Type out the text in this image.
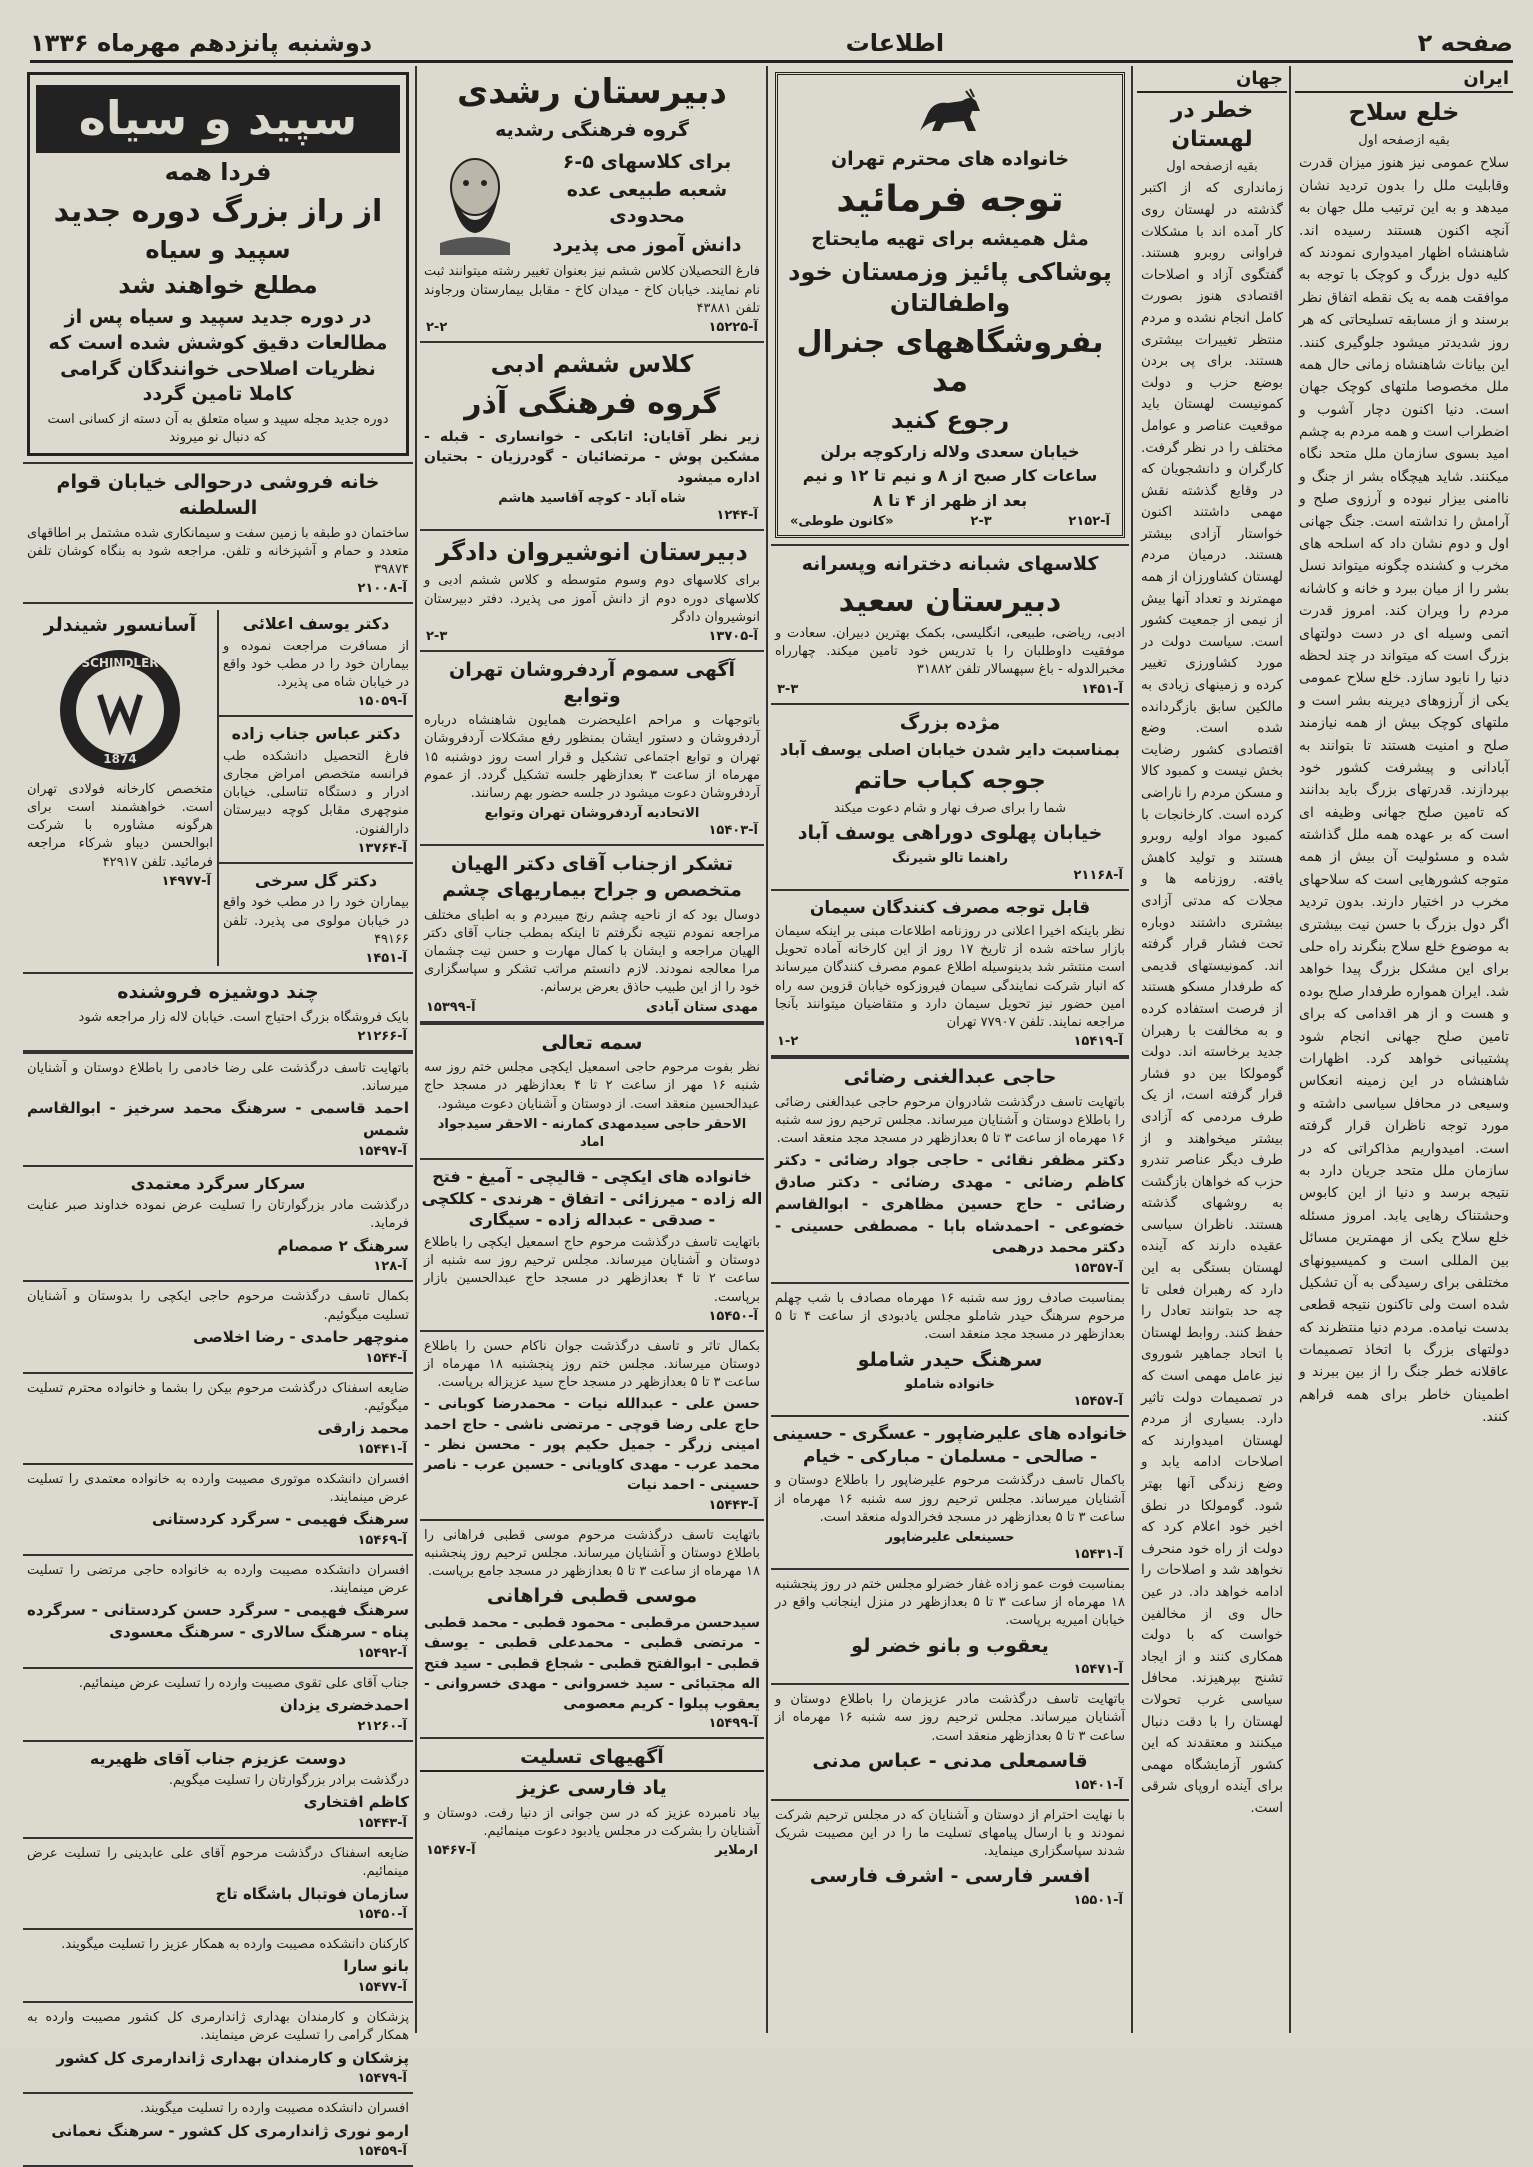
صفحه ۲
اطلاعات
دوشنبه پانزدهم مهرماه ۱۳۳۶
ایران
خلع سلاح
بقیه ازصفحه اول
سلاح عمومی نیز هنوز میزان قدرت وقابلیت ملل را بدون تردید نشان میدهد و به این ترتیب ملل جهان به آنچه اکنون هستند رسیده اند. شاهنشاه اظهار امیدواری نمودند که کلیه دول بزرگ و کوچک با توجه به موافقت همه به یک نقطه اتفاق نظر برسند و از مسابقه تسلیحاتی که هر روز شدیدتر میشود جلوگیری کنند. این بیانات شاهنشاه زمانی حال همه ملل مخصوصا ملتهای کوچک جهان است. دنیا اکنون دچار آشوب و اضطراب است و همه مردم به چشم امید بسوی سازمان ملل متحد نگاه میکنند. شاید هیچگاه بشر از جنگ و ناامنی بیزار نبوده و آرزوی صلح و آرامش را نداشته است. جنگ جهانی اول و دوم نشان داد که اسلحه های مخرب و کشنده چگونه میتواند نسل بشر را از میان ببرد و خانه و کاشانه مردم را ویران کند. امروز قدرت اتمی وسیله ای در دست دولتهای بزرگ است که میتواند در چند لحظه دنیا را نابود سازد. خلع سلاح عمومی یکی از آرزوهای دیرینه بشر است و ملتهای کوچک بیش از همه نیازمند صلح و امنیت هستند تا بتوانند به آبادانی و پیشرفت کشور خود بپردازند. قدرتهای بزرگ باید بدانند که تامین صلح جهانی وظیفه ای است که بر عهده همه ملل گذاشته شده و مسئولیت آن بیش از همه متوجه کشورهایی است که سلاحهای مخرب در اختیار دارند. بدون تردید اگر دول بزرگ با حسن نیت بیشتری به موضوع خلع سلاح بنگرند راه حلی برای این مشکل بزرگ پیدا خواهد شد. ایران همواره طرفدار صلح بوده و هست و از هر اقدامی که برای تامین صلح جهانی انجام شود پشتیبانی خواهد کرد. اظهارات شاهنشاه در این زمینه انعکاس وسیعی در محافل سیاسی داشته و مورد توجه ناظران قرار گرفته است. امیدواریم مذاکراتی که در سازمان ملل متحد جریان دارد به نتیجه برسد و دنیا از این کابوس وحشتناک رهایی یابد. امروز مسئله خلع سلاح یکی از مهمترین مسائل بین المللی است و کمیسیونهای مختلفی برای رسیدگی به آن تشکیل شده است ولی تاکنون نتیجه قطعی بدست نیامده. مردم دنیا منتظرند که دولتهای بزرگ با اتخاذ تصمیمات عاقلانه خطر جنگ را از بین ببرند و اطمینان خاطر برای همه فراهم کنند.
جهان
خطر در لهستان
بقیه ازصفحه اول
زمانداری که از اکتبر گذشته در لهستان روی کار آمده اند با مشکلات فراوانی روبرو هستند. گفتگوی آزاد و اصلاحات اقتصادی هنوز بصورت کامل انجام نشده و مردم منتظر تغییرات بیشتری هستند. برای پی بردن بوضع حزب و دولت کمونیست لهستان باید موقعیت عناصر و عوامل مختلف را در نظر گرفت. کارگران و دانشجویان که در وقایع گذشته نقش مهمی داشتند اکنون خواستار آزادی بیشتر هستند. درمیان مردم لهستان کشاورزان از همه مهمترند و تعداد آنها بیش از نیمی از جمعیت کشور است. سیاست دولت در مورد کشاورزی تغییر کرده و زمینهای زیادی به مالکین سابق بازگردانده شده است. وضع اقتصادی کشور رضایت بخش نیست و کمبود کالا و مسکن مردم را ناراضی کرده است. کارخانجات با کمبود مواد اولیه روبرو هستند و تولید کاهش یافته. روزنامه ها و مجلات که مدتی آزادی بیشتری داشتند دوباره تحت فشار قرار گرفته اند. کمونیستهای قدیمی که طرفدار مسکو هستند از فرصت استفاده کرده و به مخالفت با رهبران جدید برخاسته اند. دولت گومولکا بین دو فشار قرار گرفته است، از یک طرف مردمی که آزادی بیشتر میخواهند و از طرف دیگر عناصر تندرو حزب که خواهان بازگشت به روشهای گذشته هستند. ناظران سیاسی عقیده دارند که آینده لهستان بستگی به این دارد که رهبران فعلی تا چه حد بتوانند تعادل را حفظ کنند. روابط لهستان با اتحاد جماهیر شوروی نیز عامل مهمی است که در تصمیمات دولت تاثیر دارد. بسیاری از مردم لهستان امیدوارند که اصلاحات ادامه یابد و وضع زندگی آنها بهتر شود. گومولکا در نطق اخیر خود اعلام کرد که دولت از راه خود منحرف نخواهد شد و اصلاحات را ادامه خواهد داد. در عین حال وی از مخالفین خواست که با دولت همکاری کنند و از ایجاد تشنج بپرهیزند. محافل سیاسی غرب تحولات لهستان را با دقت دنبال میکنند و معتقدند که این کشور آزمایشگاه مهمی برای آینده اروپای شرقی است.
خانواده های محترم تهران
توجه فرمائید
مثل همیشه برای تهیه مایحتاج
پوشاکی پائیز وزمستان خود واطفالتان
بفروشگاههای جنرال مد
رجوع کنید
خیابان سعدی ولاله زارکوچه برلن
ساعات کار صبح از ۸ و نیم تا ۱۲ و نیم
بعد از ظهر از ۴ تا ۸
آ-۲۱۵۲
۲-۳
«کانون طوطی»
کلاسهای شبانه دخترانه وپسرانه
دبیرستان سعید
ادبی، ریاضی، طبیعی، انگلیسی، بکمک بهترین دبیران. سعادت و موفقیت داوطلبان را با تدریس خود تامین میکند. چهارراه مخبرالدوله - باغ سپهسالار تلفن ۳۱۸۸۲
آ-۱۴۵۱
۳-۳
مژده بزرگ
بمناسبت دایر شدن خیابان اصلی یوسف آباد
جوجه کباب حاتم
شما را برای صرف نهار و شام دعوت میکند
خیابان پهلوی دوراهی یوسف آباد
راهنما تالو شیرنگ
آ-۲۱۱۶۸
قابل توجه مصرف کنندگان سیمان
نظر باینکه اخیرا اعلانی در روزنامه اطلاعات مبنی بر اینکه سیمان بازار ساخته شده از تاریخ ۱۷ روز از این کارخانه آماده تحویل است منتشر شد بدینوسیله اطلاع عموم مصرف کنندگان میرساند که انبار شرکت نمایندگی سیمان فیروزکوه خیابان قزوین سه راه امین حضور نیز تحویل سیمان دارد و متقاضیان میتوانند بآنجا مراجعه نمایند. تلفن ۷۷۹۰۷ تهران
آ-۱۵۴۱۹
۱-۲
حاجی عبدالغنی رضائی
باتهایت تاسف درگذشت شادروان مرحوم حاجی عبدالغنی رضائی را باطلاع دوستان و آشنایان میرساند. مجلس ترحیم روز سه شنبه ۱۶ مهرماه از ساعت ۳ تا ۵ بعدازظهر در مسجد مجد منعقد است.
دکتر مظفر نقائی - حاجی جواد رضائی - دکتر کاظم رضائی - مهدی رضائی - دکتر صادق رضائی - حاج حسین مظاهری - ابوالقاسم خضوعی - احمدشاه بابا - مصطفی حسینی - دکتر محمد درهمی
آ-۱۵۳۵۷
بمناسبت صادف روز سه شنبه ۱۶ مهرماه مصادف با شب چهلم مرحوم سرهنگ حیدر شاملو مجلس یادبودی از ساعت ۴ تا ۵ بعدازظهر در مسجد مجد منعقد است.
سرهنگ حیدر شاملو
خانواده شاملو
آ-۱۵۴۵۷
خانواده های علیرضاپور - عسگری - حسینی - صالحی - مسلمان - مبارکی - خیام
باکمال تاسف درگذشت مرحوم علیرضاپور را باطلاع دوستان و آشنایان میرساند. مجلس ترحیم روز سه شنبه ۱۶ مهرماه از ساعت ۳ تا ۵ بعدازظهر در مسجد فخرالدوله منعقد است.
حسینعلی علیرضاپور
آ-۱۵۴۳۱
بمناسبت فوت عمو زاده غفار خضرلو مجلس ختم در روز پنجشنبه ۱۸ مهرماه از ساعت ۳ تا ۵ بعدازظهر در منزل اینجانب واقع در خیابان امیریه برپاست.
یعقوب و بانو خضر لو
آ-۱۵۴۷۱
باتهایت تاسف درگذشت مادر عزیزمان را باطلاع دوستان و آشنایان میرساند. مجلس ترحیم روز سه شنبه ۱۶ مهرماه از ساعت ۳ تا ۵ بعدازظهر منعقد است.
قاسمعلی مدنی - عباس مدنی
آ-۱۵۴۰۱
با نهایت احترام از دوستان و آشنایان که در مجلس ترحیم شرکت نمودند و با ارسال پیامهای تسلیت ما را در این مصیبت شریک شدند سپاسگزاری مینماید.
افسر فارسی - اشرف فارسی
آ-۱۵۵۰۱
دبیرستان رشدی
گروه فرهنگی رشدیه
برای کلاسهای ۵-۶
شعبه طبیعی عده محدودی
دانش آموز می پذیرد
فارغ التحصیلان کلاس ششم نیز بعنوان تغییر رشته میتوانند ثبت نام نمایند. خیابان کاخ - میدان کاخ - مقابل بیمارستان ورجاوند تلفن ۴۳۸۸۱
آ-۱۵۲۲۵
۲-۲
کلاس ششم ادبی
گروه فرهنگی آذر
زیر نظر آقایان: اتابکی - خوانساری - قبله - مشکین پوش - مرتضائیان - گودرزیان - بحتیان اداره میشود
شاه آباد - کوچه آقاسید هاشم
آ-۱۲۴۴
دبیرستان انوشیروان دادگر
برای کلاسهای دوم وسوم متوسطه و کلاس ششم ادبی و کلاسهای دوره دوم از دانش آموز می پذیرد. دفتر دبیرستان انوشیروان دادگر
آ-۱۳۷۰۵
۲-۳
آگهی سموم آردفروشان تهران وتوابع
باتوجهات و مراحم اعلیحضرت همایون شاهنشاه درباره آردفروشان و دستور ایشان بمنظور رفع مشکلات آردفروشان تهران و توابع اجتماعی تشکیل و قرار است روز دوشنبه ۱۵ مهرماه از ساعت ۳ بعدازظهر جلسه تشکیل گردد. از عموم آردفروشان دعوت میشود در جلسه حضور بهم رسانند.
الاتحادیه آردفروشان تهران وتوابع
آ-۱۵۴۰۳
تشکر ازجناب آقای دکتر الهیان متخصص و جراح بیماریهای چشم
دوسال بود که از ناحیه چشم رنج میبردم و به اطبای مختلف مراجعه نمودم نتیجه نگرفتم تا اینکه بمطب جناب آقای دکتر الهیان مراجعه و ایشان با کمال مهارت و حسن نیت چشمان مرا معالجه نمودند. لازم دانستم مراتب تشکر و سپاسگزاری خود را از این طبیب حاذق بعرض برسانم.
مهدی ستان آبادی
آ-۱۵۳۹۹
سمه تعالی
نظر بفوت مرحوم حاجی اسمعیل ایکچی مجلس ختم روز سه شنبه ۱۶ مهر از ساعت ۲ تا ۴ بعدازظهر در مسجد حاج عبدالحسین منعقد است. از دوستان و آشنایان دعوت میشود.
الاحقر حاجی سیدمهدی کمارنه - الاحقر سیدجواد اماد
خانواده های ایکچی - قالیچی - آمیغ - فتح اله زاده - میرزائی - اتفاق - هرندی - کلکچی - صدقی - عبداله زاده - سیگاری
باتهایت تاسف درگذشت مرحوم حاج اسمعیل ایکچی را باطلاع دوستان و آشنایان میرساند. مجلس ترحیم روز سه شنبه از ساعت ۲ تا ۴ بعدازظهر در مسجد حاج عبدالحسین بازار برپاست.
آ-۱۵۴۵۰
بکمال تاثر و تاسف درگذشت جوان ناکام حسن را باطلاع دوستان میرساند. مجلس ختم روز پنجشنبه ۱۸ مهرماه از ساعت ۳ تا ۵ بعدازظهر در مسجد حاج سید عزیزاله برپاست.
حسن علی - عبدالله نیات - محمدرضا کوبانی - حاج علی رضا قوچی - مرتضی ناشی - حاج احمد امینی زرگر - جمیل حکیم پور - محسن نظر - محمد عرب - مهدی کاویانی - حسین عرب - ناصر حسینی - احمد نیات
آ-۱۵۴۴۳
باتهایت تاسف درگذشت مرحوم موسی قطبی فراهانی را باطلاع دوستان و آشنایان میرساند. مجلس ترحیم روز پنجشنبه ۱۸ مهرماه از ساعت ۳ تا ۵ بعدازظهر در مسجد جامع برپاست.
موسی قطبی فراهانی
سیدحسن مرقطبی - محمود قطبی - محمد قطبی - مرتضی قطبی - محمدعلی قطبی - یوسف قطبی - ابوالفتح قطبی - شجاع قطبی - سید فتح اله مجتبائی - سید خسروانی - مهدی خسروانی - یعقوب پیلوا - کریم معصومی
آ-۱۵۴۹۹
آگهیهای تسلیت
یاد فارسی عزیز
بیاد نامبرده عزیز که در سن جوانی از دنیا رفت. دوستان و آشنایان را بشرکت در مجلس یادبود دعوت مینمائیم.
ارملایر
آ-۱۵۴۶۷
سپید و سیاه
فردا همه
از راز بزرگ دوره جدید
سپید و سیاه
مطلع خواهند شد
در دوره جدید سپید و سیاه پس از مطالعات دقیق کوشش شده است که نظریات اصلاحی خوانندگان گرامی کاملا تامین گردد
دوره جدید مجله سپید و سیاه متعلق به آن دسته از کسانی است که دنبال نو میروند
خانه فروشی درحوالی خیابان قوام السلطنه
ساختمان دو طبقه با زمین سفت و سیمانکاری شده مشتمل بر اطاقهای متعدد و حمام و آشپزخانه و تلفن. مراجعه شود به بنگاه کوشان تلفن ۳۹۸۷۴
آ-۲۱۰۰۸
دکتر یوسف اعلائی
از مسافرت مراجعت نموده و بیماران خود را در مطب خود واقع در خیابان شاه می پذیرد.
آ-۱۵۰۵۹
دکتر عباس جناب زاده
فارغ التحصیل دانشکده طب فرانسه متخصص امراض مجاری ادرار و دستگاه تناسلی. خیابان منوچهری مقابل کوچه دبیرستان دارالفنون.
آ-۱۳۷۶۴
دکتر گل سرخی
بیماران خود را در مطب خود واقع در خیابان مولوی می پذیرد. تلفن ۴۹۱۶۶
آ-۱۴۵۱
آسانسور شیندلر
SCHINDLER
1874
متخصص کارخانه فولادی تهران است. خواهشمند است برای هرگونه مشاوره با شرکت ابوالحسن دیباو شرکاء مراجعه فرمائید. تلفن ۴۲۹۱۷
آ-۱۴۹۷۷
چند دوشیزه فروشنده
بایک فروشگاه بزرگ احتیاج است. خیابان لاله زار مراجعه شود
آ-۲۱۲۶۶
باتهایت تاسف درگذشت علی رضا خادمی را باطلاع دوستان و آشنایان میرساند.
احمد قاسمی - سرهنگ محمد سرخیز - ابوالقاسم شمس
آ-۱۵۴۹۷
سرکار سرگرد معتمدی
درگذشت مادر بزرگوارتان را تسلیت عرض نموده خداوند صبر عنایت فرماید.
سرهنگ ۲ صمصام
آ-۱۲۸
بکمال تاسف درگذشت مرحوم حاجی ایکچی را بدوستان و آشنایان تسلیت میگوئیم.
منوچهر حامدی - رضا اخلاصی
آ-۱۵۴۴
ضایعه اسفناک درگذشت مرحوم بیکن را بشما و خانواده محترم تسلیت میگوئیم.
محمد زارقی
آ-۱۵۴۴۱
افسران دانشکده موتوری مصیبت وارده به خانواده معتمدی را تسلیت عرض مینمایند.
سرهنگ فهیمی - سرگرد کردستانی
آ-۱۵۴۶۹
افسران دانشکده مصیبت وارده به خانواده حاجی مرتضی را تسلیت عرض مینمایند.
سرهنگ فهیمی - سرگرد حسن کردستانی - سرگرده پناه - سرهنگ سالاری - سرهنگ معسودی
آ-۱۵۴۹۲
جناب آقای علی تقوی مصیبت وارده را تسلیت عرض مینمائیم.
احمدخضری یزدان
آ-۲۱۲۶۰
دوست عزیزم جناب آقای ظهیریه
درگذشت برادر بزرگوارتان را تسلیت میگویم.
کاظم افتخاری
آ-۱۵۴۴۳
ضایعه اسفناک درگذشت مرحوم آقای علی عابدینی را تسلیت عرض مینمائیم.
سازمان فوتبال باشگاه تاج
آ-۱۵۴۵۰
کارکنان دانشکده مصیبت وارده به همکار عزیز را تسلیت میگویند.
بانو سارا
آ-۱۵۴۷۷
پزشکان و کارمندان بهداری ژاندارمری کل کشور مصیبت وارده به همکار گرامی را تسلیت عرض مینمایند.
پزشکان و کارمندان بهداری ژاندارمری کل کشور
آ-۱۵۴۷۹
افسران دانشکده مصیبت وارده را تسلیت میگویند.
ارمو نوری ژاندارمری کل کشور - سرهنگ نعمانی
آ-۱۵۴۵۹
